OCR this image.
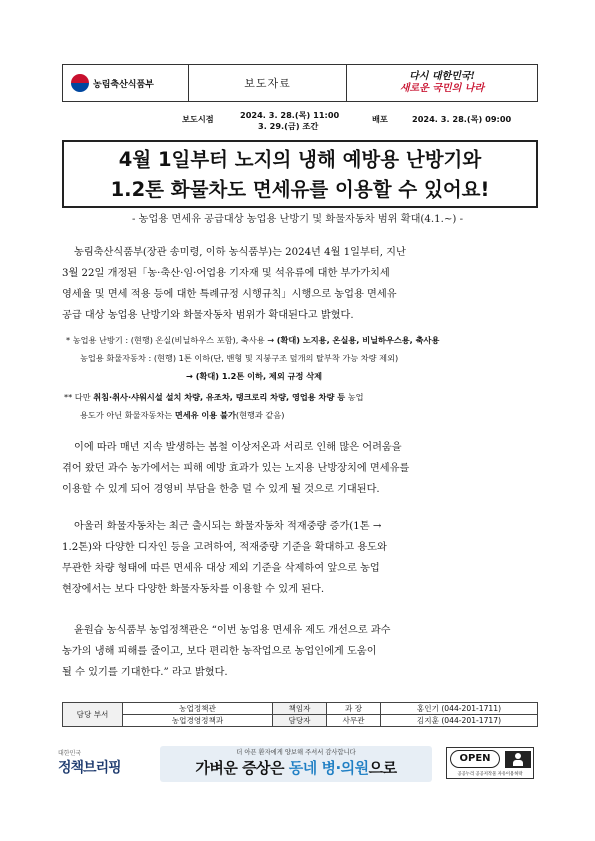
농림축산식품부	보도자료
다시 대한민국!
새로운 국민의 나라
보도시점	2024. 3. 28.(목) 11:00
3. 29.(금) 조간
배포	2024. 3. 28.(목) 09:00
4월 1일부터 노지의 냉해 예방용 난방기와
1.2톤 화물차도 면세유를 이용할 수 있어요!
- 농업용 면세유 공급대상 농업용 난방기 및 화물자동차 범위 확대(4.1.~) -
농림축산식품부(장관 송미령, 이하 농식품부)는 2024년 4월 1일부터, 지난
3월 22일 개정된「농·축산·임·어업용 기자재 및 석유류에 대한 부가가치세
영세율 및 면세 적용 등에 대한 특례규정 시행규칙」시행으로 농업용 면세유
공급 대상 농업용 난방기와 화물자동차 범위가 확대된다고 밝혔다.
* 농업용 난방기 : (현행) 온실(비닐하우스 포함), 축사용 → (확대) 노지용, 온실용, 비닐하우스용, 축사용
농업용 화물자동차 : (현행) 1톤 이하(단, 밴형 및 지붕구조 덮개의 탈부착 가능 차량 제외)
→ (확대) 1.2톤 이하, 제외 규정 삭제
** 다만 취침·취사·샤워시설 설치 차량, 유조차, 탱크로리 차량, 영업용 차량 등 농업
용도가 아닌 화물자동차는 면세유 이용 불가(현행과 같음)
이에 따라 매년 지속 발생하는 봄철 이상저온과 서리로 인해 많은 어려움을
겪어 왔던 과수 농가에서는 피해 예방 효과가 있는 노지용 난방장치에 면세유를
이용할 수 있게 되어 경영비 부담을 한층 덜 수 있게 될 것으로 기대된다.
아울러 화물자동차는 최근 출시되는 화물자동차 적재중량 증가(1톤 →
1.2톤)와 다양한 디자인 등을 고려하여, 적재중량 기준을 확대하고 용도와
무관한 차량 형태에 따른 면세유 대상 제외 기준을 삭제하여 앞으로 농업
현장에서는 보다 다양한 화물자동차를 이용할 수 있게 된다.
윤원습 농식품부 농업정책관은 “이번 농업용 면세유 제도 개선으로 과수
농가의 냉해 피해를 줄이고, 보다 편리한 농작업으로 농업인에게 도움이
될 수 있기를 기대한다.” 라고 밝혔다.
담당 부서	농업정책관	책임자	과 장	홍인기 (044-201-1711)
	농업경영정책과	담당자	사무관	김지훈 (044-201-1717)
대한민국
정책브리핑
더 아픈 환자에게 양보해 주셔서 감사합니다
가벼운 증상은 동네 병·의원으로
OPEN
공공누리 공공저작물 자유이용허락
